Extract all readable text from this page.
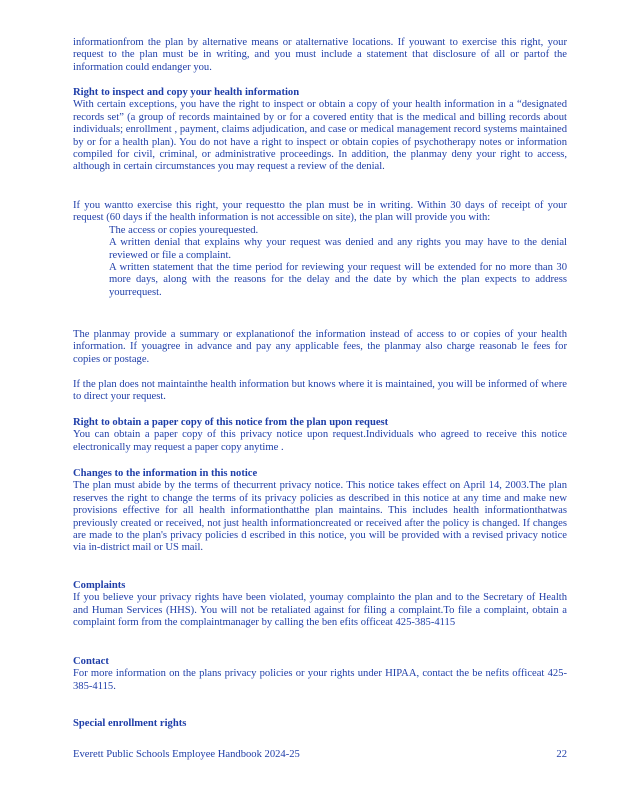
informationfrom the plan by alternative means or atalternative locations. If youwant to exercise this right, your request to the plan must be in writing, and you must include a statement that disclosure of all or partof the information could endanger you.

Right to inspect and copy your health information

With certain exceptions, you have the right to inspect or obtain a copy of your health information in a “designated records set” (a group of records maintained by or for a covered entity that is the medical and billing records about individuals; enrollment , payment, claims adjudication, and case or medical management record systems maintained by or for a health plan). You do not have a right to inspect or obtain copies of psychotherapy notes or information compiled for civil, criminal, or administrative proceedings. In addition, the planmay deny your right to access, although in certain circumstances you may request a review of the denial.

If you wantto exercise this right, your requestto the plan must be in writing. Within 30 days of receipt of your request (60 days if the health information is not accessible on site), the plan will provide you with:

The access or copies yourequested.
A written denial that explains why your request was denied and any rights you may have to the denial reviewed or file a complaint.
A written statement that the time period for reviewing your request will be extended for no more than 30 more days, along with the reasons for the delay and the date by which the plan expects to address yourrequest.

The planmay provide a summary or explanationof the information instead of access to or copies of your health information. If youagree in advance and pay any applicable fees, the planmay also charge reasonab le fees for copies or postage.

If the plan does not maintainthe health information but knows where it is maintained, you will be informed of where to direct your request.

Right to obtain a paper copy of this notice from the plan upon request

You can obtain a paper copy of this privacy notice upon request.Individuals who agreed to receive this notice electronically may request a paper copy anytime .

Changes to the information in this notice

The plan must abide by the terms of thecurrent privacy notice. This notice takes effect on April 14, 2003.The plan reserves the right to change the terms of its privacy policies as described in this notice at any time and make new provisions effective for all health informationthatthe plan maintains. This includes health informationthatwas previously created or received, not just health informationcreated or received after the policy is changed. If changes are made to the plan's privacy policies d escribed in this notice, you will be provided with a revised privacy notice via in-district mail or US mail.

Complaints

If you believe your privacy rights have been violated, youmay complainto the plan and to the Secretary of Health and Human Services (HHS). You will not be retaliated against for filing a complaint.To file a complaint, obtain a complaint form from the complaintmanager by calling the ben efits officeat 425-385-4115

Contact

For more information on the plans privacy policies or your rights under HIPAA, contact the be nefits officeat 425-385-4115.

Special enrollment rights

Everett Public Schools Employee Handbook 2024-25	22
